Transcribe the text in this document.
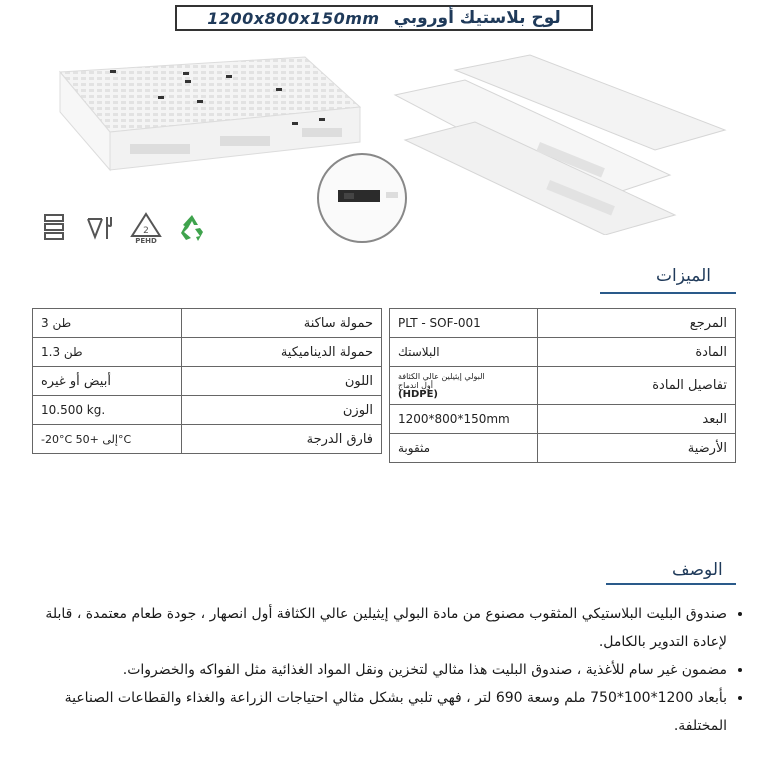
1200x800x150mm لوح بلاستيك أوروبي
2
PEHD
الميزات
3 طن	حمولة ساكنة
1.3 طن	حمولة الديناميكية
أبيض أو غيره	اللون
10.500 kg.	الوزن
-20°C إلى +50°C	فارق الدرجة
PLT - SOF-001	المرجع
البلاستك	المادة

البولي إيثيلين عالي الكثافة
أول اندماج
(HDPE)	تفاصيل المادة
1200*800*150mm	البعد
مثقوبة	الأرضية
الوصف
• صندوق البليت البلاستيكي المثقوب مصنوع من مادة البولي إيثيلين عالي الكثافة أول انصهار ، جودة طعام معتمدة ، قابلة لإعادة التدوير بالكامل.
• مضمون غير سام للأغذية ، صندوق البليت هذا مثالي لتخزين ونقل المواد الغذائية مثل الفواكه والخضروات.
• بأبعاد 1200*100*750 ملم وسعة 690 لتر ، فهي تلبي بشكل مثالي احتياجات الزراعة والغذاء والقطاعات الصناعية المختلفة.
